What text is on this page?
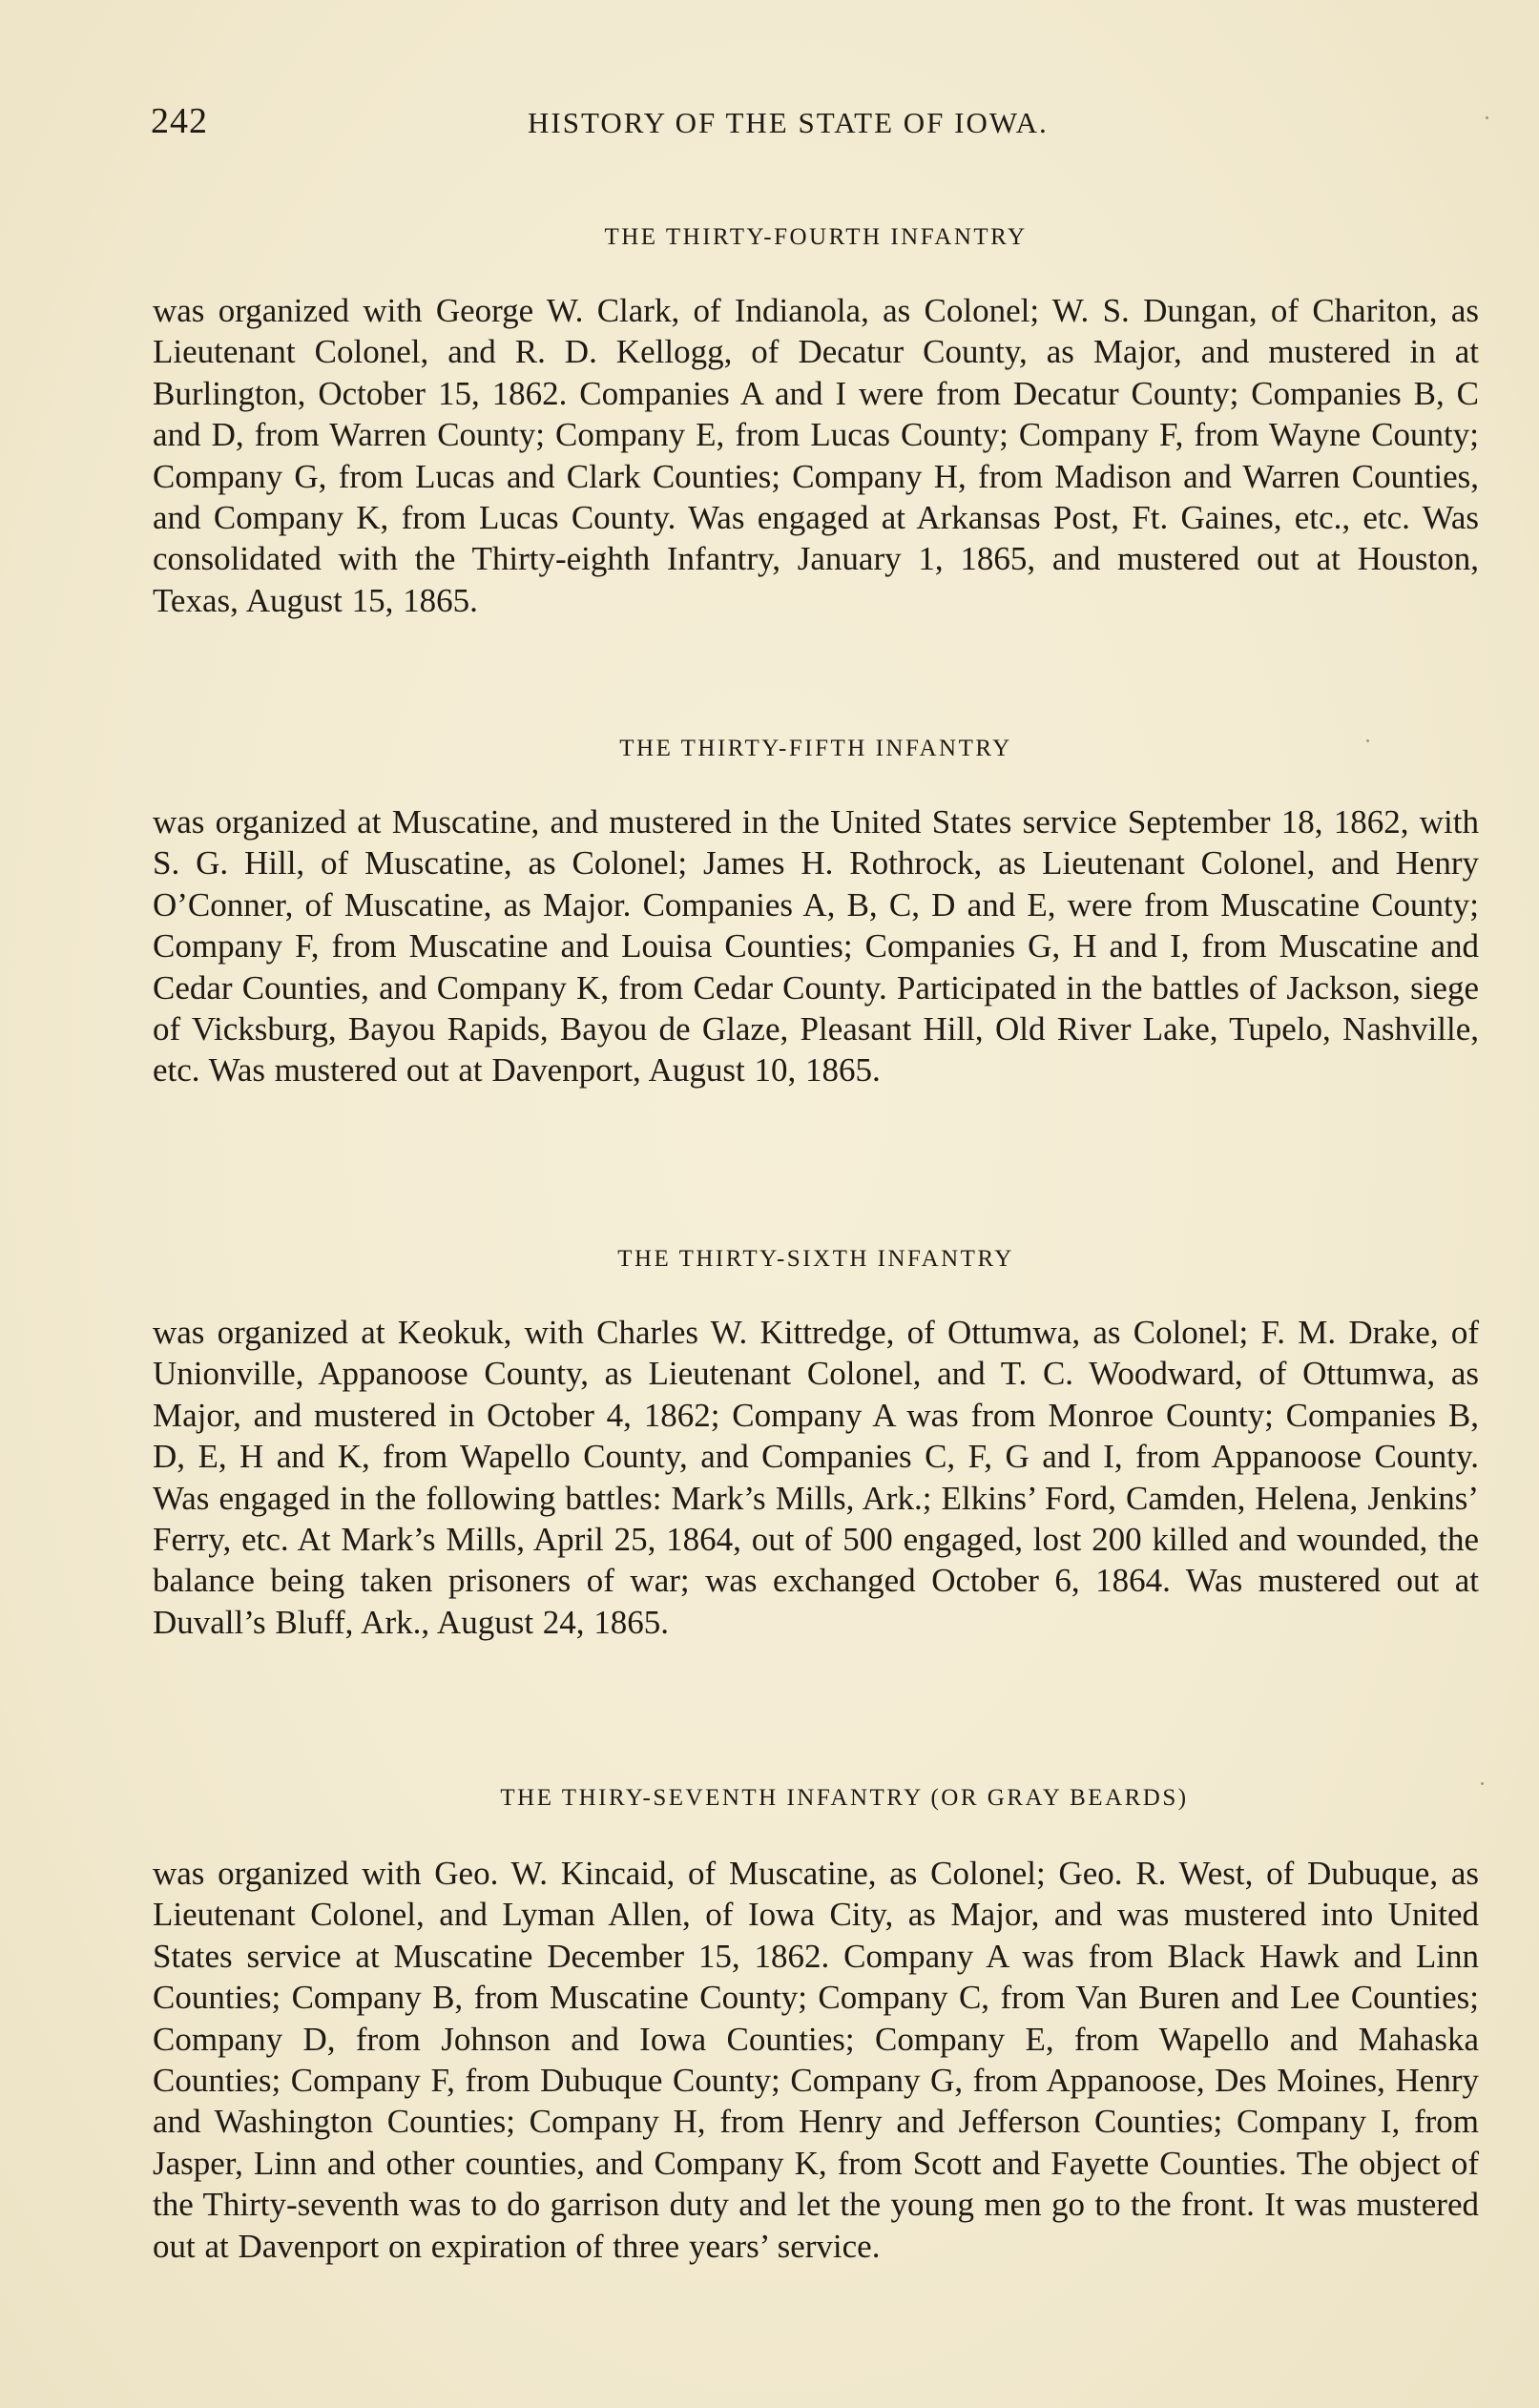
242	HISTORY OF THE STATE OF IOWA.
THE THIRTY-FOURTH INFANTRY

was organized with George W. Clark, of Indianola, as Colonel; W. S. Dungan, of Chariton, as Lieutenant Colonel, and R. D. Kellogg, of Decatur County, as Major, and mustered in at Burlington, October 15, 1862. Companies A and I were from Decatur County; Companies B, C and D, from Warren County; Company E, from Lucas County; Company F, from Wayne County; Company G, from Lucas and Clark Counties; Company H, from Madison and Warren Counties, and Company K, from Lucas County. Was engaged at Arkansas Post, Ft. Gaines, etc., etc. Was consolidated with the Thirty-eighth Infantry, January 1, 1865, and mustered out at Houston, Texas, August 15, 1865.

THE THIRTY-FIFTH INFANTRY

was organized at Muscatine, and mustered in the United States service September 18, 1862, with S. G. Hill, of Muscatine, as Colonel; James H. Rothrock, as Lieutenant Colonel, and Henry O’Conner, of Muscatine, as Major. Companies A, B, C, D and E, were from Muscatine County; Company F, from Muscatine and Louisa Counties; Companies G, H and I, from Muscatine and Cedar Counties, and Company K, from Cedar County. Participated in the battles of Jackson, siege of Vicksburg, Bayou Rapids, Bayou de Glaze, Pleasant Hill, Old River Lake, Tupelo, Nashville, etc. Was mustered out at Davenport, August 10, 1865.

THE THIRTY-SIXTH INFANTRY

was organized at Keokuk, with Charles W. Kittredge, of Ottumwa, as Colonel; F. M. Drake, of Unionville, Appanoose County, as Lieutenant Colonel, and T. C. Woodward, of Ottumwa, as Major, and mustered in October 4, 1862; Company A was from Monroe County; Companies B, D, E, H and K, from Wapello County, and Companies C, F, G and I, from Appanoose County. Was engaged in the following battles: Mark’s Mills, Ark.; Elkins’ Ford, Camden, Helena, Jenkins’ Ferry, etc. At Mark’s Mills, April 25, 1864, out of 500 engaged, lost 200 killed and wounded, the balance being taken prisoners of war; was exchanged October 6, 1864. Was mustered out at Duvall’s Bluff, Ark., August 24, 1865.

THE THIRY-SEVENTH INFANTRY (OR GRAY BEARDS)

was organized with Geo. W. Kincaid, of Muscatine, as Colonel; Geo. R. West, of Dubuque, as Lieutenant Colonel, and Lyman Allen, of Iowa City, as Major, and was mustered into United States service at Muscatine December 15, 1862. Company A was from Black Hawk and Linn Counties; Company B, from Muscatine County; Company C, from Van Buren and Lee Counties; Company D, from Johnson and Iowa Counties; Company E, from Wapello and Mahaska Counties; Company F, from Dubuque County; Company G, from Appanoose, Des Moines, Henry and Washington Counties; Company H, from Henry and Jefferson Counties; Company I, from Jasper, Linn and other counties, and Company K, from Scott and Fayette Counties. The object of the Thirty-seventh was to do garrison duty and let the young men go to the front. It was mustered out at Davenport on expiration of three years’ service.
